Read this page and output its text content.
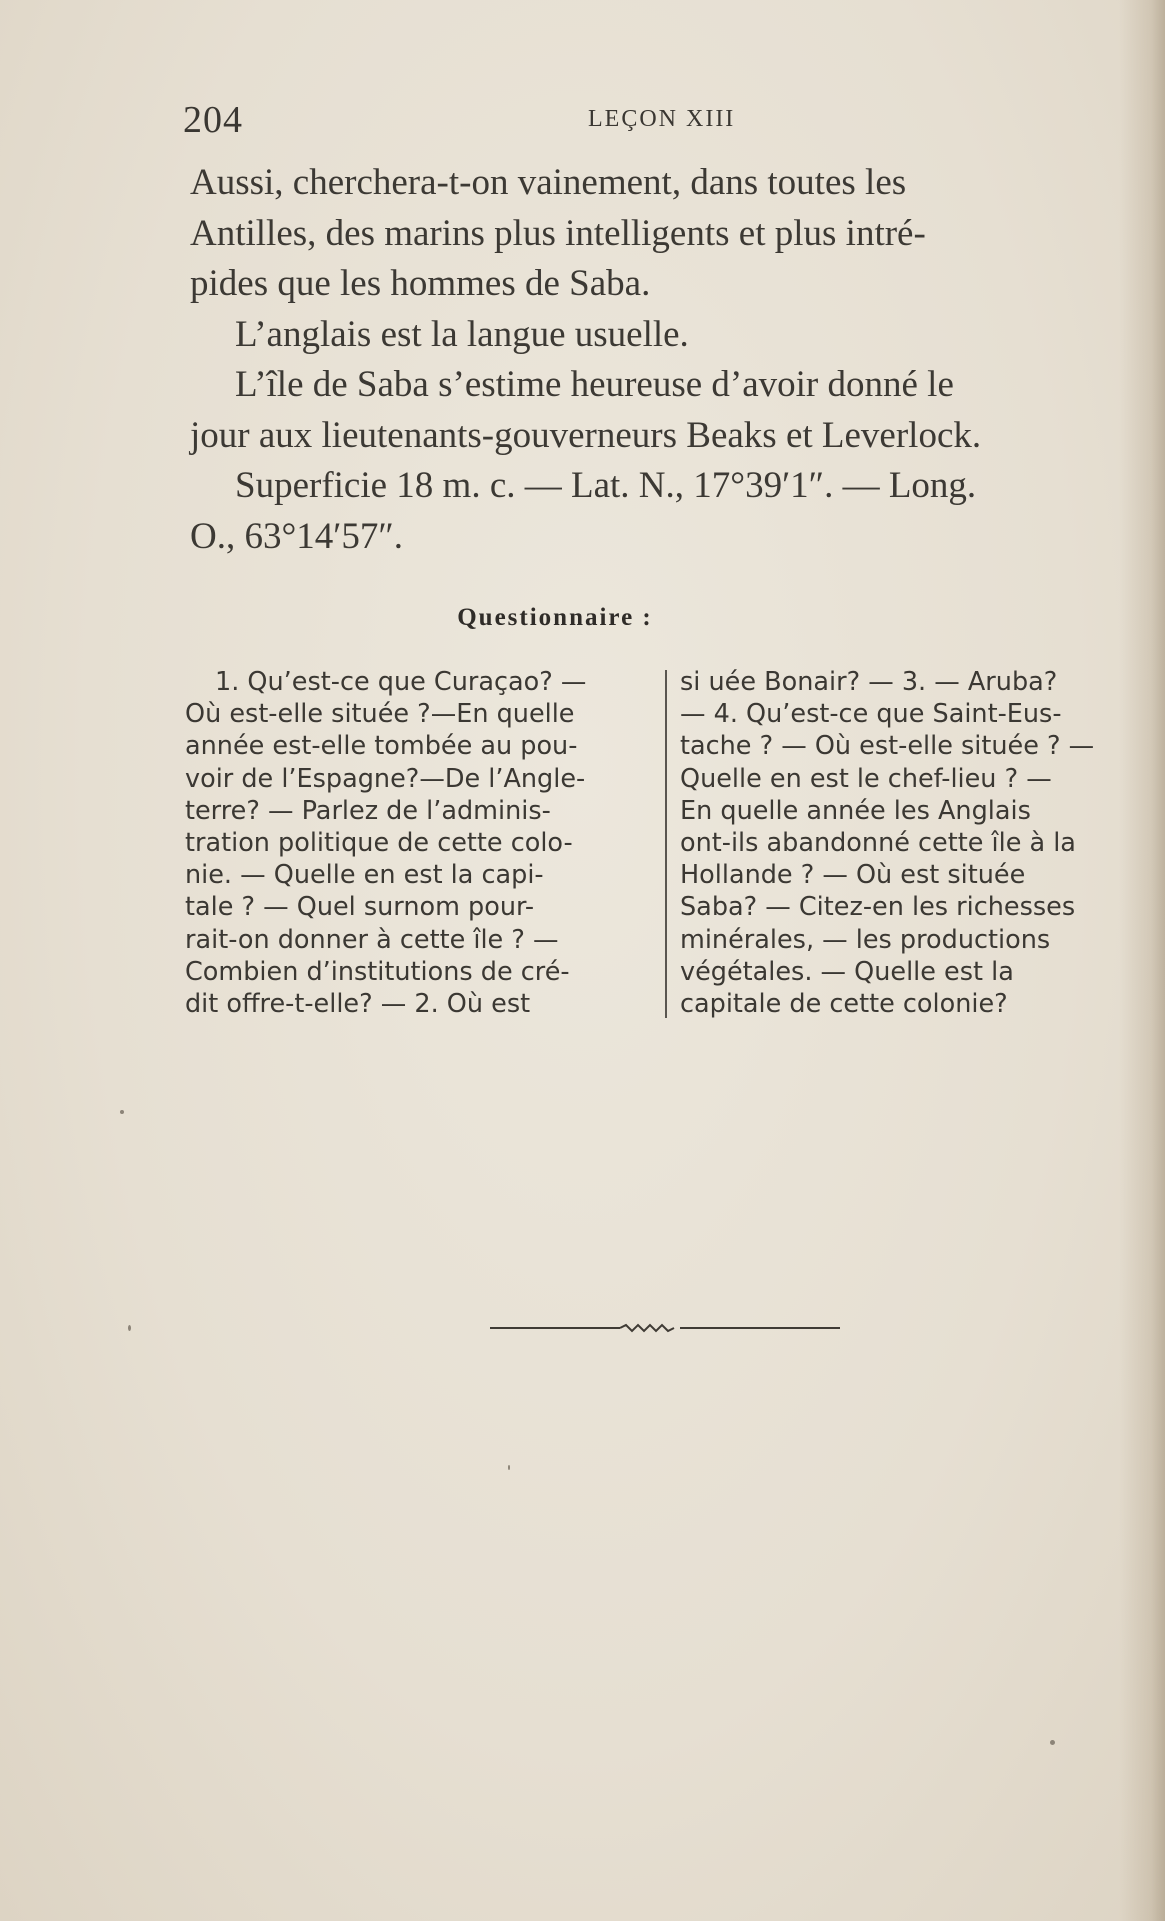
204	LEÇON XIII
Aussi, cherchera-t-on vainement, dans toutes les
Antilles, des marins plus intelligents et plus intré-
pides que les hommes de Saba.
L’anglais est la langue usuelle.
L’île de Saba s’estime heureuse d’avoir donné le
jour aux lieutenants-gouverneurs Beaks et Leverlock.
Superficie 18 m. c. — Lat. N., 17°39′1″. — Long.
O., 63°14′57″.
Questionnaire :
1. Qu’est-ce que Curaçao? —
Où est-elle située ?—En quelle
année est-elle tombée au pou-
voir de l’Espagne?—De l’Angle-
terre? — Parlez de l’adminis-
tration politique de cette colo-
nie. — Quelle en est la capi-
tale ? — Quel surnom pour-
rait-on donner à cette île ? —
Combien d’institutions de cré-
dit offre-t-elle? — 2. Où est
si uée Bonair? — 3. — Aruba?
— 4. Qu’est-ce que Saint-Eus-
tache ? — Où est-elle située ? —
Quelle en est le chef-lieu ? —
En quelle année les Anglais
ont-ils abandonné cette île à la
Hollande ? — Où est située
Saba? — Citez-en les richesses
minérales, — les productions
végétales. — Quelle est la
capitale de cette colonie?
